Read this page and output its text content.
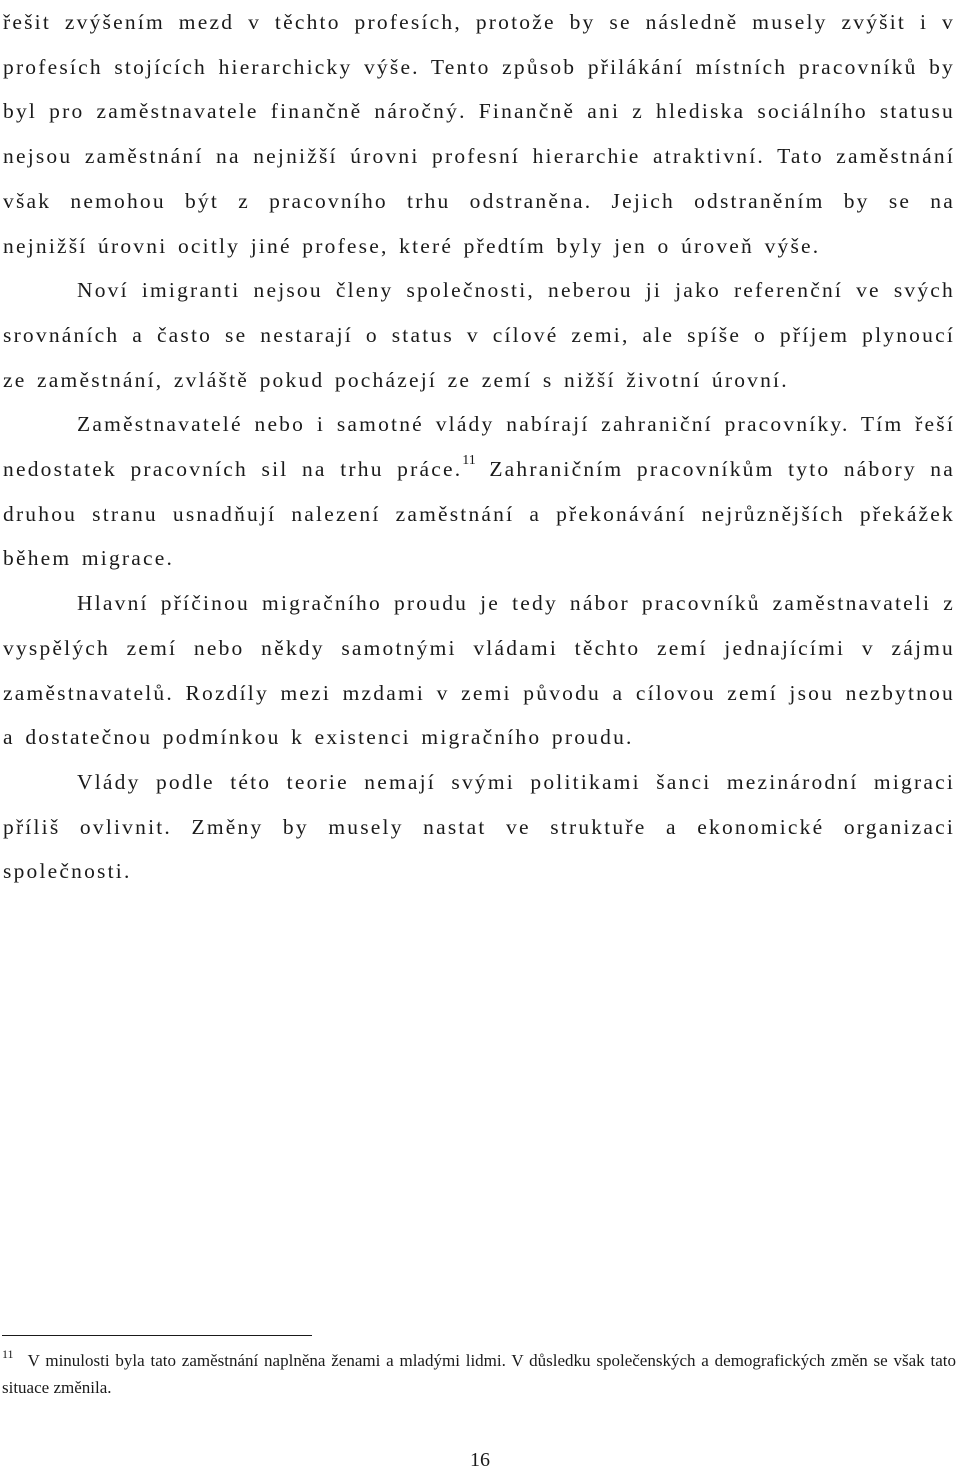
řešit zvýšením mezd v těchto profesích, protože by se následně musely zvýšit i v profesích stojících hierarchicky výše. Tento způsob přilákání místních pracovníků by byl pro zaměstnavatele finančně náročný. Finančně ani z hlediska sociálního statusu nejsou zaměstnání na nejnižší úrovni profesní hierarchie atraktivní. Tato zaměstnání však nemohou být z pracovního trhu odstraněna. Jejich odstraněním by se na nejnižší úrovni ocitly jiné profese, které předtím byly jen o úroveň výše.

Noví imigranti nejsou členy společnosti, neberou ji jako referenční ve svých srovnáních a často se nestarají o status v cílové zemi, ale spíše o příjem plynoucí ze zaměstnání, zvláště pokud pocházejí ze zemí s nižší životní úrovní.

Zaměstnavatelé nebo i samotné vlády nabírají zahraniční pracovníky. Tím řeší nedostatek pracovních sil na trhu práce.$^{11}$ Zahraničním pracovníkům tyto nábory na druhou stranu usnadňují nalezení zaměstnání a překonávání nejrůznějších překážek během migrace.

Hlavní příčinou migračního proudu je tedy nábor pracovníků zaměstnavateli z vyspělých zemí nebo někdy samotnými vládami těchto zemí jednajícími v zájmu zaměstnavatelů. Rozdíly mezi mzdami v zemi původu a cílovou zemí jsou nezbytnou a dostatečnou podmínkou k existenci migračního proudu.

Vlády podle této teorie nemají svými politikami šanci mezinárodní migraci příliš ovlivnit. Změny by musely nastat ve struktuře a ekonomické organizaci společnosti.

$^{11}$ V minulosti byla tato zaměstnání naplněna ženami a mladými lidmi. V důsledku společenských a demografických změn se však tato situace změnila.
16
